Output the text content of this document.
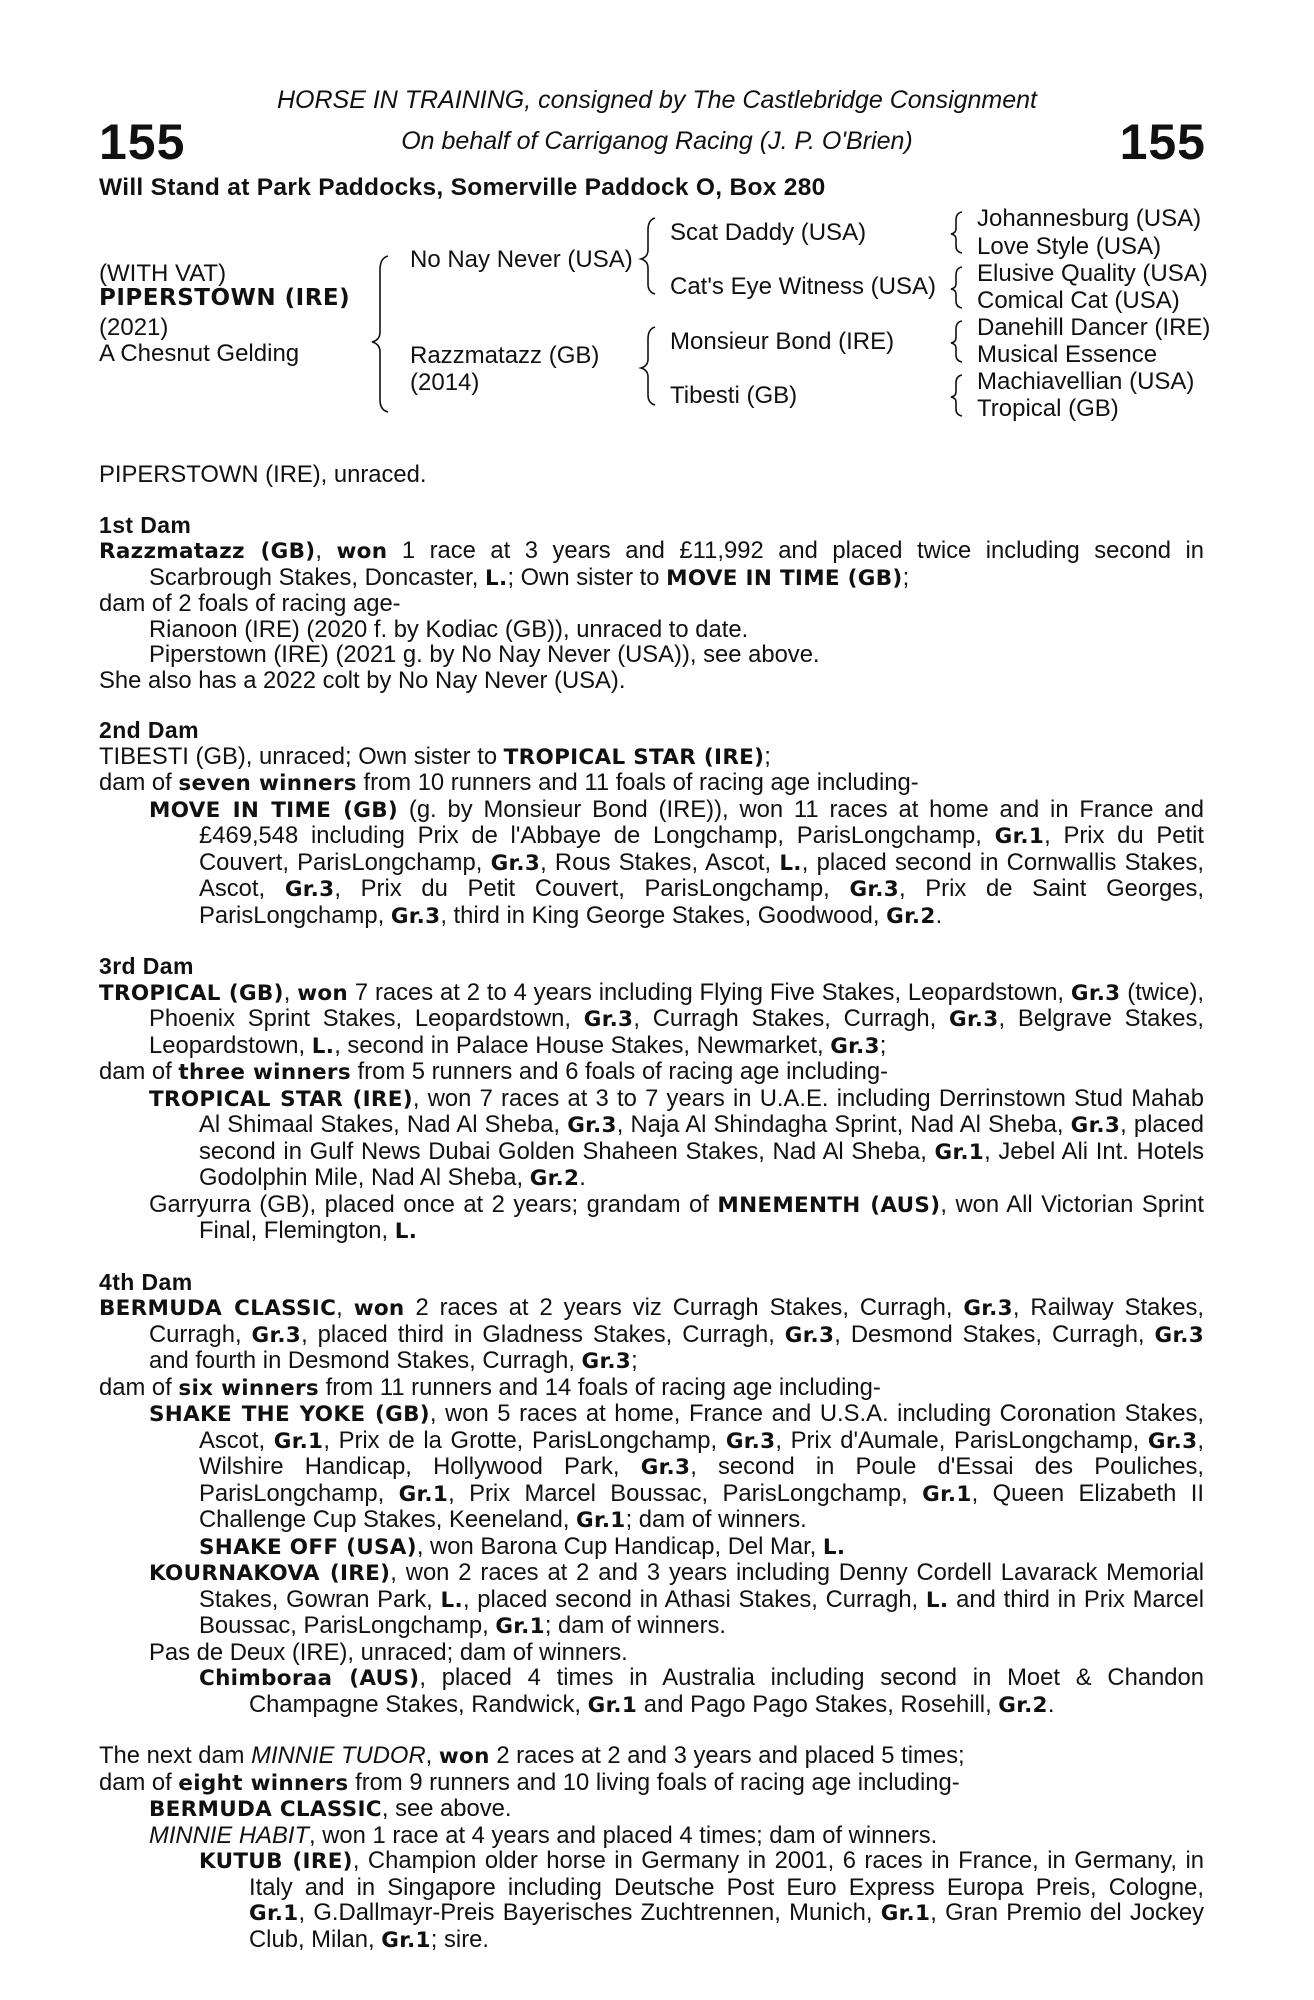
155	155
HORSE IN TRAINING, consigned by The Castlebridge Consignment
On behalf of Carriganog Racing (J. P. O'Brien)
Will Stand at Park Paddocks, Somerville Paddock O, Box 280
(WITH VAT)
PIPERSTOWN (IRE)
(2021)
A Chesnut Gelding
No Nay Never (USA)
Razzmatazz (GB)
(2014)
Scat Daddy (USA)
Cat's Eye Witness (USA)
Monsieur Bond (IRE)
Tibesti (GB)
Johannesburg (USA)
Love Style (USA)
Elusive Quality (USA)
Comical Cat (USA)
Danehill Dancer (IRE)
Musical Essence
Machiavellian (USA)
Tropical (GB)

PIPERSTOWN (IRE), unraced.

1st Dam

Razzmatazz (GB), won 1 race at 3 years and £11,992 and placed twice including second in Scarbrough Stakes, Doncaster, L.; Own sister to MOVE IN TIME (GB);

dam of 2 foals of racing age-

Rianoon (IRE) (2020 f. by Kodiac (GB)), unraced to date.

Piperstown (IRE) (2021 g. by No Nay Never (USA)), see above.

She also has a 2022 colt by No Nay Never (USA).

2nd Dam

TIBESTI (GB), unraced; Own sister to TROPICAL STAR (IRE);

dam of seven winners from 10 runners and 11 foals of racing age including-

MOVE IN TIME (GB) (g. by Monsieur Bond (IRE)), won 11 races at home and in France and £469,548 including Prix de l'Abbaye de Longchamp, ParisLongchamp, Gr.1, Prix du Petit Couvert, ParisLongchamp, Gr.3, Rous Stakes, Ascot, L., placed second in Cornwallis Stakes, Ascot, Gr.3, Prix du Petit Couvert, ParisLongchamp, Gr.3, Prix de Saint Georges, ParisLongchamp, Gr.3, third in King George Stakes, Goodwood, Gr.2.

3rd Dam

TROPICAL (GB), won 7 races at 2 to 4 years including Flying Five Stakes, Leopardstown, Gr.3 (twice), Phoenix Sprint Stakes, Leopardstown, Gr.3, Curragh Stakes, Curragh, Gr.3, Belgrave Stakes, Leopardstown, L., second in Palace House Stakes, Newmarket, Gr.3;

dam of three winners from 5 runners and 6 foals of racing age including-

TROPICAL STAR (IRE), won 7 races at 3 to 7 years in U.A.E. including Derrinstown Stud Mahab Al Shimaal Stakes, Nad Al Sheba, Gr.3, Naja Al Shindagha Sprint, Nad Al Sheba, Gr.3, placed second in Gulf News Dubai Golden Shaheen Stakes, Nad Al Sheba, Gr.1, Jebel Ali Int. Hotels Godolphin Mile, Nad Al Sheba, Gr.2.

Garryurra (GB), placed once at 2 years; grandam of MNEMENTH (AUS), won All Victorian Sprint Final, Flemington, L.

4th Dam

BERMUDA CLASSIC, won 2 races at 2 years viz Curragh Stakes, Curragh, Gr.3, Railway Stakes, Curragh, Gr.3, placed third in Gladness Stakes, Curragh, Gr.3, Desmond Stakes, Curragh, Gr.3 and fourth in Desmond Stakes, Curragh, Gr.3;

dam of six winners from 11 runners and 14 foals of racing age including-

SHAKE THE YOKE (GB), won 5 races at home, France and U.S.A. including Coronation Stakes, Ascot, Gr.1, Prix de la Grotte, ParisLongchamp, Gr.3, Prix d'Aumale, ParisLongchamp, Gr.3, Wilshire Handicap, Hollywood Park, Gr.3, second in Poule d'Essai des Pouliches, ParisLongchamp, Gr.1, Prix Marcel Boussac, ParisLongchamp, Gr.1, Queen Elizabeth II Challenge Cup Stakes, Keeneland, Gr.1; dam of winners.

SHAKE OFF (USA), won Barona Cup Handicap, Del Mar, L.

KOURNAKOVA (IRE), won 2 races at 2 and 3 years including Denny Cordell Lavarack Memorial Stakes, Gowran Park, L., placed second in Athasi Stakes, Curragh, L. and third in Prix Marcel Boussac, ParisLongchamp, Gr.1; dam of winners.

Pas de Deux (IRE), unraced; dam of winners.

Chimboraa (AUS), placed 4 times in Australia including second in Moet & Chandon Champagne Stakes, Randwick, Gr.1 and Pago Pago Stakes, Rosehill, Gr.2.

The next dam MINNIE TUDOR, won 2 races at 2 and 3 years and placed 5 times;

dam of eight winners from 9 runners and 10 living foals of racing age including-

BERMUDA CLASSIC, see above.

MINNIE HABIT, won 1 race at 4 years and placed 4 times; dam of winners.

KUTUB (IRE), Champion older horse in Germany in 2001, 6 races in France, in Germany, in Italy and in Singapore including Deutsche Post Euro Express Europa Preis, Cologne, Gr.1, G.Dallmayr-Preis Bayerisches Zuchtrennen, Munich, Gr.1, Gran Premio del Jockey Club, Milan, Gr.1; sire.
